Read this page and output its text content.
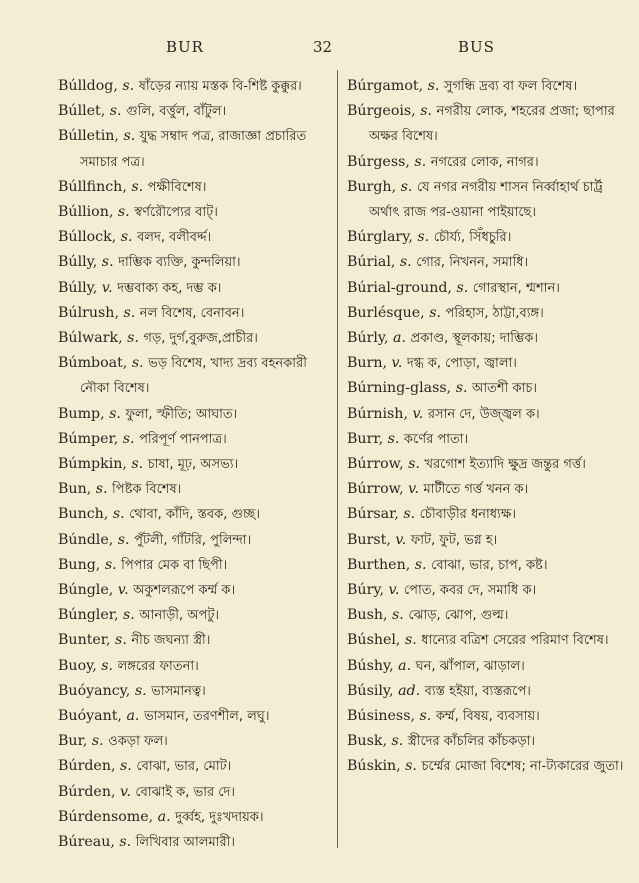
BUR	32	BUS
Búlldog, s. ষাঁড়ের ন্যায় মস্তক বি-শিষ্ট কুক্কুর।
Búllet, s. গুলি, বর্ত্তুল, বাঁটুল।
Búlletin, s. যুদ্ধ সম্বাদ পত্র, রাজাজ্ঞা প্রচারিত সমাচার পত্র।
Búllfinch, s. পক্ষীবিশেষ।
Búllion, s. স্বর্ণরৌপ্যের বাট্।
Búllock, s. বলদ, বলীবর্দ্দ।
Búlly, s. দাম্ভিক ব্যক্তি, কুন্দলিয়া।
Búlly, v. দম্ভবাক্য কহ, দম্ভ ক।
Búlrush, s. নল বিশেষ, বেনাবন।
Búlwark, s. গড়, দুর্গ,বুরুজ,প্রাচীর।
Búmboat, s. ভড় বিশেষ, খাদ্য দ্রব্য বহনকারী নৌকা বিশেষ।
Bump, s. ফুলা, স্ফীতি; আঘাত।
Búmper, s. পরিপূর্ণ পানপাত্র।
Búmpkin, s. চাষা, মূঢ়, অসভ্য।
Bun, s. পিষ্টক বিশেষ।
Bunch, s. থোবা, কাঁদি, স্তবক, গুচ্ছ।
Búndle, s. পুঁটলী, গাঁটরি, পুলিন্দা।
Bung, s. পিপার মেক বা ছিপী।
Búngle, v. অকুশলরূপে কর্ম্ম ক।
Búngler, s. আনাড়ী, অপটু।
Bunter, s. নীচ জঘন্যা স্ত্রী।
Buoy, s. লঙ্গরের ফাতনা।
Buóyancy, s. ভাসমানত্ব।
Buóyant, a. ভাসমান, তরণশীল, লঘু।
Bur, s. ওকড়া ফল।
Búrden, s. বোঝা, ভার, মোট।
Búrden, v. বোঝাই ক, ভার দে।
Búrdensome, a. দুর্ব্বহ, দুঃখদায়ক।
Búreau, s. লিখিবার আলমারী।
Búrgamot, s. সুগন্ধি দ্রব্য বা ফল বিশেষ।
Búrgeois, s. নগরীয় লোক, শহরের প্রজা; ছাপার অক্ষর বিশেষ।
Búrgess, s. নগরের লোক, নাগর।
Burgh, s. যে নগর নগরীয় শাসন নির্ব্বাহার্থ চার্ট্র অর্থাৎ রাজ পর-ওয়ানা পাইয়াছে।
Búrglary, s. চৌর্য্য, সিঁধচুরি।
Búrial, s. গোর, নিখনন, সমাধি।
Búrial-ground, s. গোরস্থান, শ্মশান।
Burlésque, s. পরিহাস, ঠাট্টা,ব্যঙ্গ।
Búrly, a. প্রকাণ্ড, স্থূলকায়; দাম্ভিক।
Burn, v. দগ্ধ ক, পোড়া, জ্বালা।
Búrning-glass, s. আতশী কাচ।
Búrnish, v. রসান দে, উজ্জ্বল ক।
Burr, s. কর্ণের পাতা।
Búrrow, s. খরগোশ ইত্যাদি ক্ষুদ্র জন্তুর গর্ত্ত।
Búrrow, v. মাটীতে গর্ত্ত খনন ক।
Búrsar, s. চৌবাড়ীর ধনাধ্যক্ষ।
Burst, v. ফাট, ফুট, ভগ্ন হ।
Burthen, s. বোঝা, ভার, চাপ, কষ্ট।
Búry, v. পোত, কবর দে, সমাধি ক।
Bush, s. ঝোড়, ঝোপ, গুল্ম।
Búshel, s. ধান্যের বত্রিশ সেরের পরিমাণ বিশেষ।
Búshy, a. ঘন, ঝাঁপাল, ঝাড়াল।
Búsily, ad. ব্যস্ত হইয়া, ব্যস্তরূপে।
Búsiness, s. কর্ম্ম, বিষয়, ব্যবসায়।
Busk, s. স্ত্রীদের কাঁচলির কাঁচকড়া।
Búskin, s. চর্ম্মের মোজা বিশেষ; না-ট্যকারের জুতা।
